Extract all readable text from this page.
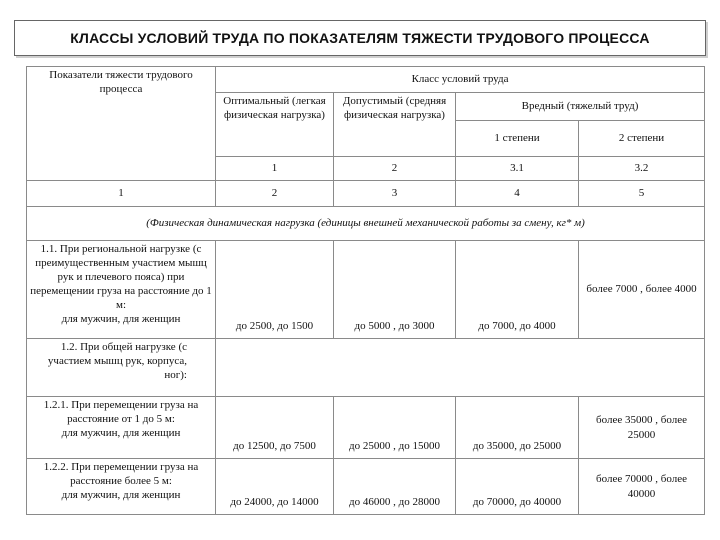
КЛАССЫ УСЛОВИЙ ТРУДА ПО ПОКАЗАТЕЛЯМ ТЯЖЕСТИ ТРУДОВОГО ПРОЦЕССА
Показатели тяжести трудового процесса	Класс условий труда			
	Оптимальный (легкая физическая нагрузка)	Допустимый (средняя физическая нагрузка)	Вредный (тяжелый труд)	
			1 степени	2 степени
	1	2	3.1	3.2
1	2	3	4	5
(Физическая динамическая нагрузка (единицы внешней механической работы за смену, кг* м)				

1.1. При региональной нагрузке (с преимущественным участием мышц рук и плечевого пояса) при перемещении груза на расстояние до 1 м:
для мужчин, для женщин	до 2500, до 1500	до 5000 , до 3000	до 7000, до 4000	более 7000 , более 4000
1.2. При общей нагрузке (с участием мышц рук, корпуса, ног):				

1.2.1. При перемещении груза на расстояние от 1 до 5 м:
для мужчин, для женщин	до 12500, до 7500	до 25000 , до 15000	до 35000, до 25000	более 35000 , более 25000

1.2.2. При перемещении груза на расстояние более 5 м:
для мужчин, для женщин	до 24000, до 14000	до 46000 , до 28000	до 70000, до 40000	более 70000 , более 40000
